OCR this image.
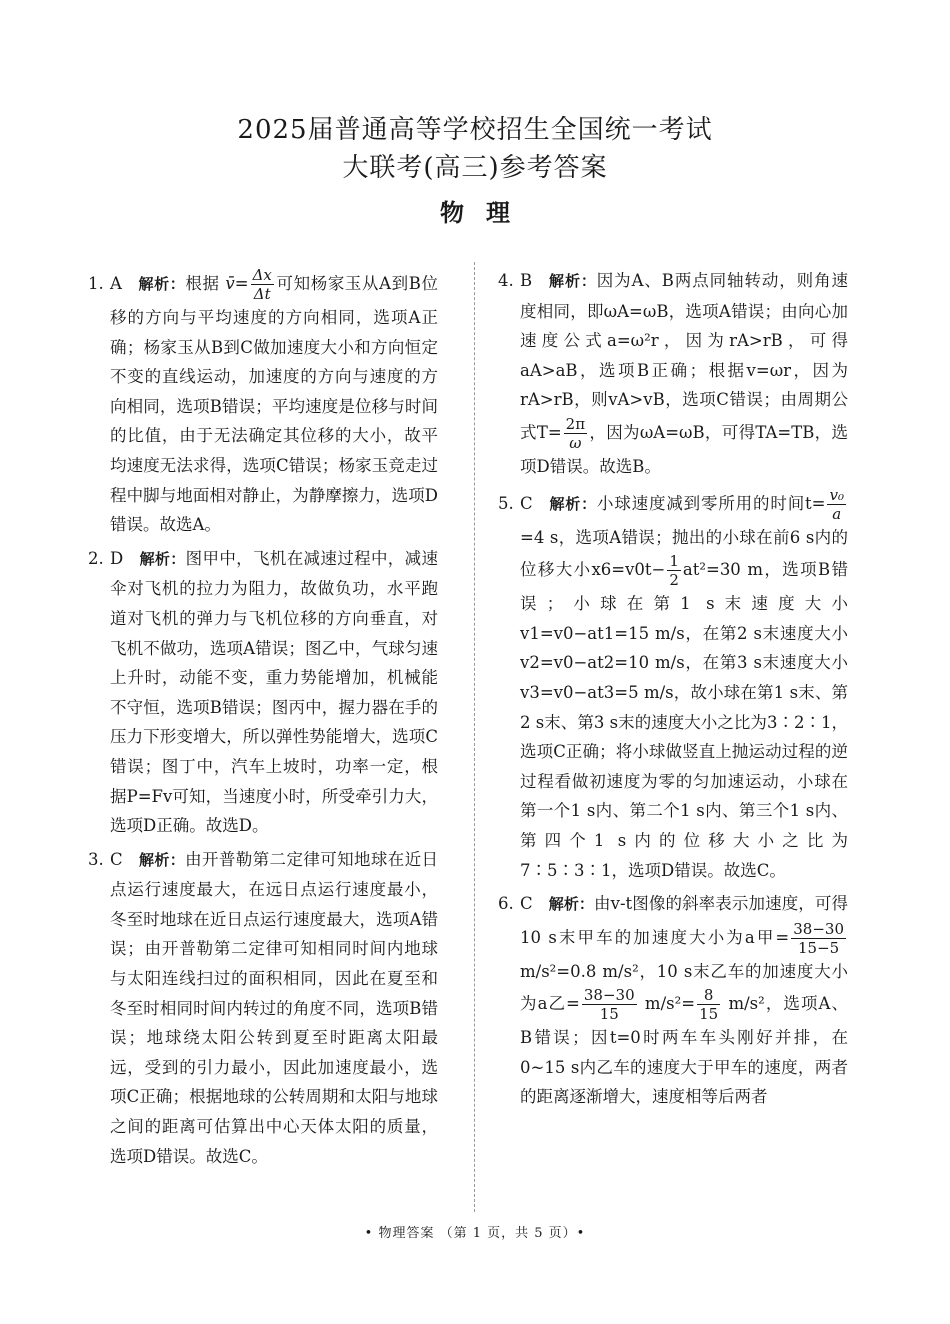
2025届普通高等学校招生全国统一考试
大联考(高三)参考答案
物理
1. A 解析：根据 v̄= $\frac{\Delta x}{\Delta t}$ 可知杨家玉从A到B位移的方向与平均速度的方向相同，选项A正确；杨家玉从B到C做加速度大小和方向恒定不变的直线运动，加速度的方向与速度的方向相同，选项B错误；平均速度是位移与时间的比值，由于无法确定其位移的大小，故平均速度无法求得，选项C错误；杨家玉竞走过程中脚与地面相对静止，为静摩擦力，选项D错误。故选A。
2. D 解析：图甲中，飞机在减速过程中，减速伞对飞机的拉力为阻力，故做负功，水平跑道对飞机的弹力与飞机位移的方向垂直，对飞机不做功，选项A错误；图乙中，气球匀速上升时，动能不变，重力势能增加，机械能不守恒，选项B错误；图丙中，握力器在手的压力下形变增大，所以弹性势能增大，选项C错误；图丁中，汽车上坡时，功率一定，根据P=Fv可知，当速度小时，所受牵引力大，选项D正确。故选D。
3. C 解析：由开普勒第二定律可知地球在近日点运行速度最大，在远日点运行速度最小，冬至时地球在近日点运行速度最大，选项A错误；由开普勒第二定律可知相同时间内地球与太阳连线扫过的面积相同，因此在夏至和冬至时相同时间内转过的角度不同，选项B错误；地球绕太阳公转到夏至时距离太阳最远，受到的引力最小，因此加速度最小，选项C正确；根据地球的公转周期和太阳与地球之间的距离可估算出中心天体太阳的质量，选项D错误。故选C。
4. B 解析：因为A、B两点同轴转动，则角速度相同，即ωA=ωB，选项A错误；由向心加速度公式a=ω²r，因为rA>rB，可得aA>aB，选项B正确；根据v=ωr，因为rA>rB，则vA>vB，选项C错误；由周期公式$T= \frac{2\pi}{\omega}$ ，因为ωA=ωB，可得TA=TB，选项D错误。故选B。
5. C 解析：小球速度减到零所用的时间$t= \frac{\text{v₀}}{a}$
=4 s，选项A错误；抛出的小球在前6 s内的位移大小$x6=v0t- \frac{1}{2} at^2=30$ m，选项B错误；小球在第1 s末速度大小v1=v0−at1=15 m/s，在第2 s末速度大小v2=v0−at2=10 m/s，在第3 s末速度大小v3=v0−at3=5 m/s，故小球在第1 s末、第2 s末、第3 s末的速度大小之比为3∶2∶1，选项C正确；将小球做竖直上抛运动过程的逆过程看做初速度为零的匀加速运动，小球在第一个1 s内、第二个1 s内、第三个1 s内、第四个1 s内的位移大小之比为7∶5∶3∶1，选项D错误。故选C。
6. C 解析：由v-t图像的斜率表示加速度，可得10 s末甲车的加速度大小为a甲= $\frac{38-30}{15-5}$
m/s²=0.8 m/s²，10 s末乙车的加速度大小为a乙= $\frac{38-30}{15} m/s^2= \frac{8}{15} m/s^2$，选项A、B错误；因t=0时两车车头刚好并排，在0~15 s内乙车的速度大于甲车的速度，两者的距离逐渐增大，速度相等后两者
• 物理答案 （第 1 页，共 5 页）•
